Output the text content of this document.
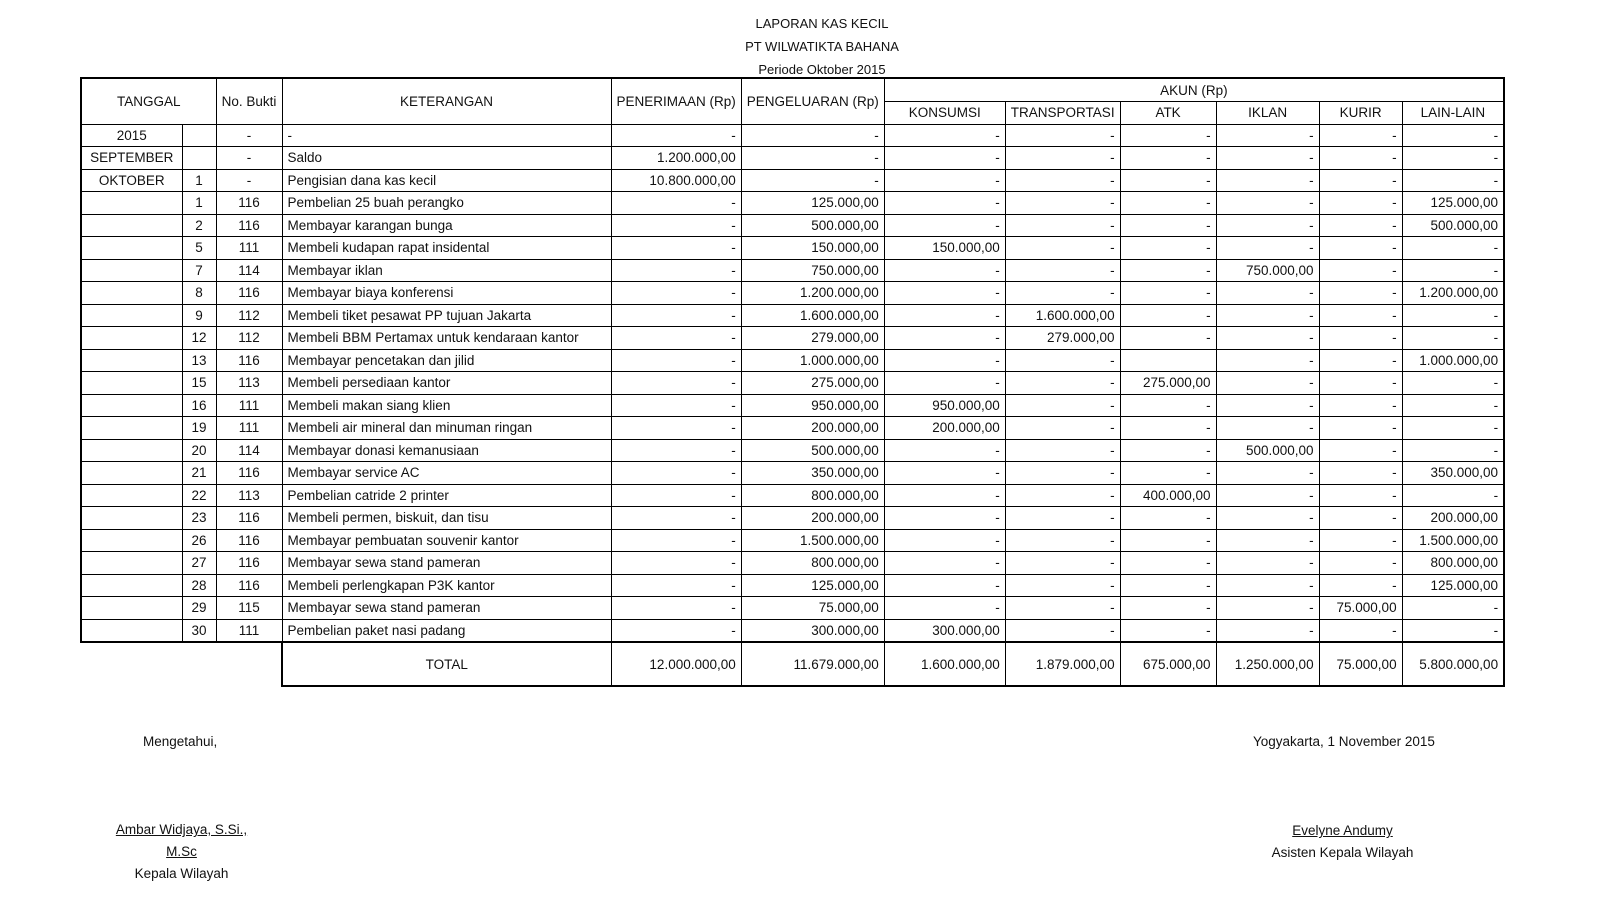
LAPORAN KAS KECIL
PT WILWATIKTA BAHANA
Periode Oktober 2015
TANGGAL		No. Bukti	KETERANGAN	PENERIMAAN (Rp)	PENGELUARAN (Rp)	AKUN (Rp)					
						KONSUMSI	TRANSPORTASI	ATK	IKLAN	KURIR	LAIN-LAIN
2015		-	-	-	-	-	-	-	-	-	-
SEPTEMBER		-	Saldo	1.200.000,00	-	-	-	-	-	-	-
OKTOBER	1	-	Pengisian dana kas kecil	10.800.000,00	-	-	-	-	-	-	-
	1	116	Pembelian 25 buah perangko	-	125.000,00	-	-	-	-	-	125.000,00
	2	116	Membayar karangan bunga	-	500.000,00	-	-	-	-	-	500.000,00
	5	111	Membeli kudapan rapat insidental	-	150.000,00	150.000,00	-	-	-	-	-
	7	114	Membayar iklan	-	750.000,00	-	-	-	750.000,00	-	-
	8	116	Membayar biaya konferensi	-	1.200.000,00	-	-	-	-	-	1.200.000,00
	9	112	Membeli tiket pesawat PP tujuan Jakarta	-	1.600.000,00	-	1.600.000,00	-	-	-	-
	12	112	Membeli BBM Pertamax untuk kendaraan kantor	-	279.000,00	-	279.000,00	-	-	-	-
	13	116	Membayar pencetakan dan jilid	-	1.000.000,00	-	-		-	-	1.000.000,00
	15	113	Membeli persediaan kantor	-	275.000,00	-	-	275.000,00	-	-	-
	16	111	Membeli makan siang klien	-	950.000,00	950.000,00	-	-	-	-	-
	19	111	Membeli air mineral dan minuman ringan	-	200.000,00	200.000,00	-	-	-	-	-
	20	114	Membayar donasi kemanusiaan	-	500.000,00	-	-	-	500.000,00	-	-
	21	116	Membayar service AC	-	350.000,00	-	-	-	-	-	350.000,00
	22	113	Pembelian catride 2 printer	-	800.000,00	-	-	400.000,00	-	-	-
	23	116	Membeli permen, biskuit, dan tisu	-	200.000,00	-	-	-	-	-	200.000,00
	26	116	Membayar pembuatan souvenir kantor	-	1.500.000,00	-	-	-	-	-	1.500.000,00
	27	116	Membayar sewa stand pameran	-	800.000,00	-	-	-	-	-	800.000,00
	28	116	Membeli perlengkapan P3K kantor	-	125.000,00	-	-	-	-	-	125.000,00
	29	115	Membayar sewa stand pameran	-	75.000,00	-	-	-	-	75.000,00	-
	30	111	Pembelian paket nasi padang	-	300.000,00	300.000,00	-	-	-	-	-
			TOTAL	12.000.000,00	11.679.000,00	1.600.000,00	1.879.000,00	675.000,00	1.250.000,00	75.000,00	5.800.000,00
Mengetahui,
Ambar Widjaya, S.Si., M.Sc
Kepala Wilayah
Yogyakarta, 1 November 2015
Evelyne Andumy
Asisten Kepala Wilayah
